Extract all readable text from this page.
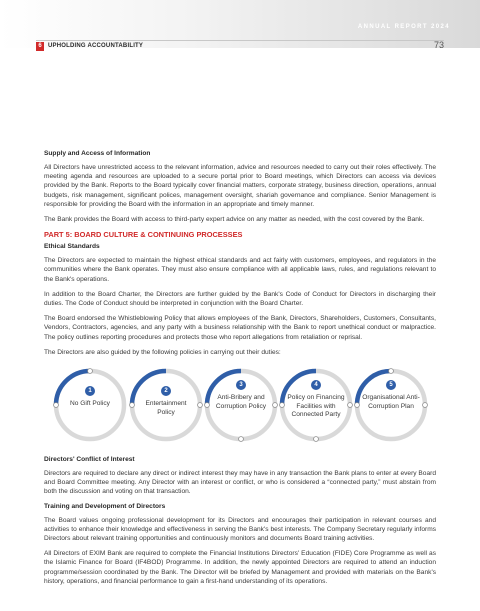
ANNUAL REPORT 2024
6	UPHOLDING ACCOUNTABILITY	73
Supply and Access of Information

All Directors have unrestricted access to the relevant information, advice and resources needed to carry out their roles effectively. The meeting agenda and resources are uploaded to a secure portal prior to Board meetings, which Directors can access via devices provided by the Bank. Reports to the Board typically cover financial matters, corporate strategy, business direction, operations, annual budgets, risk management, significant polices, management oversight, shariah governance and compliance. Senior Management is responsible for providing the Board with the information in an appropriate and timely manner.

The Bank provides the Board with access to third-party expert advice on any matter as needed, with the cost covered by the Bank.

PART 5: BOARD CULTURE & CONTINUING PROCESSES
Ethical Standards

The Directors are expected to maintain the highest ethical standards and act fairly with customers, employees, and regulators in the communities where the Bank operates. They must also ensure compliance with all applicable laws, rules, and regulations relevant to the Bank's operations.

In addition to the Board Charter, the Directors are further guided by the Bank's Code of Conduct for Directors in discharging their duties. The Code of Conduct should be interpreted in conjunction with the Board Charter.

The Board endorsed the Whistleblowing Policy that allows employees of the Bank, Directors, Shareholders, Customers, Consultants, Vendors, Contractors, agencies, and any party with a business relationship with the Bank to report unethical conduct or malpractice. The policy outlines reporting procedures and protects those who report allegations from retaliation or reprisal.

The Directors are also guided by the following policies in carrying out their duties:

1
No Gift Policy
2
Entertainment Policy
3
Anti-Bribery and Corruption Policy
4
Policy on Financing Facilities with Connected Party
5
Organisational Anti-Corruption Plan
Directors' Conflict of Interest

Directors are required to declare any direct or indirect interest they may have in any transaction the Bank plans to enter at every Board and Board Committee meeting. Any Director with an interest or conflict, or who is considered a “connected party,” must abstain from both the discussion and voting on that transaction.

Training and Development of Directors

The Board values ongoing professional development for its Directors and encourages their participation in relevant courses and activities to enhance their knowledge and effectiveness in serving the Bank's best interests. The Company Secretary regularly informs Directors about relevant training opportunities and continuously monitors and documents Board training activities.

All Directors of EXIM Bank are required to complete the Financial Institutions Directors' Education (FIDE) Core Programme as well as the Islamic Finance for Board (IF4BOD) Programme. In addition, the newly appointed Directors are required to attend an induction programme/session coordinated by the Bank. The Director will be briefed by Management and provided with materials on the Bank's history, operations, and financial performance to gain a first-hand understanding of its operations.
